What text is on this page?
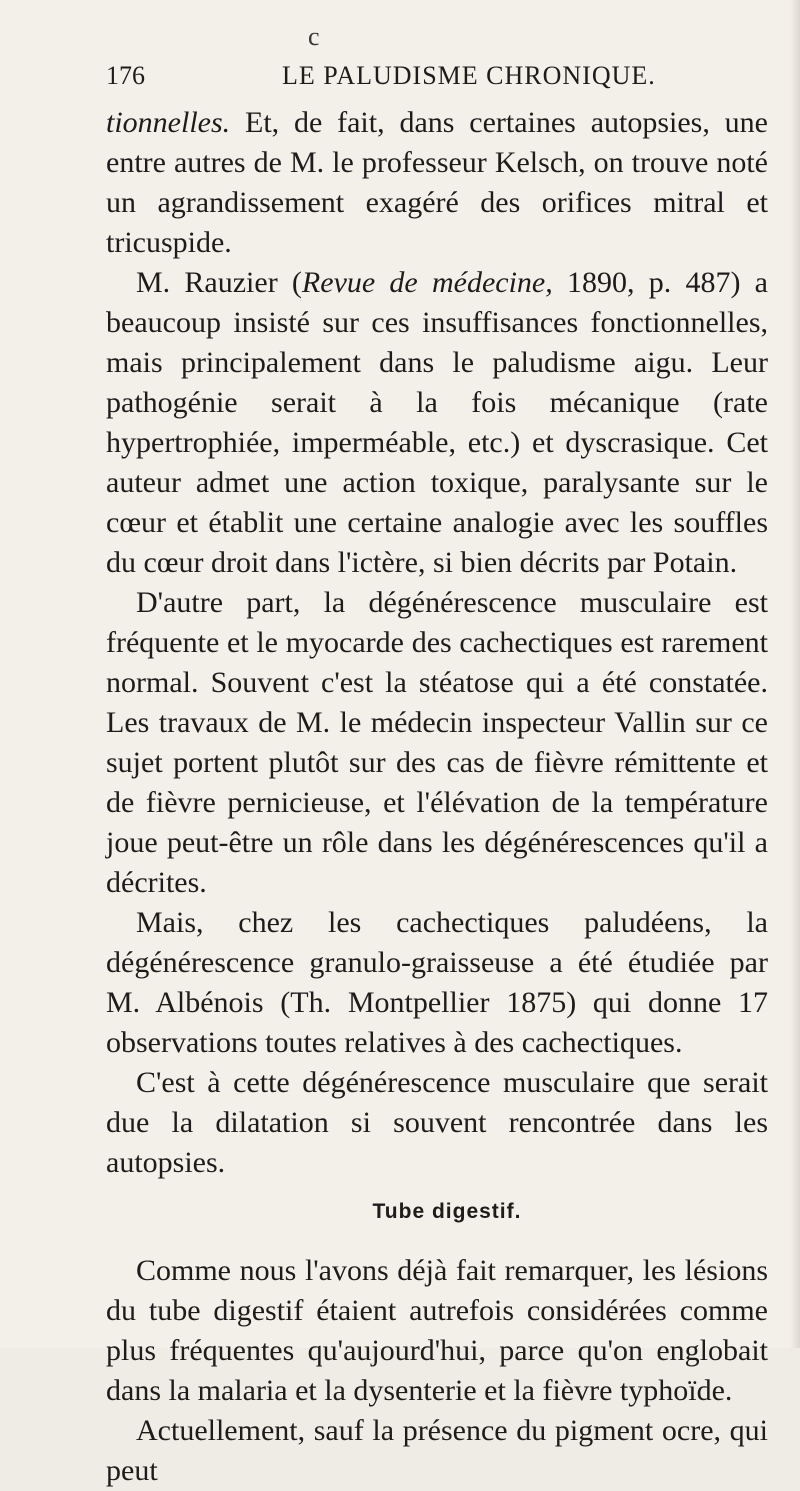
c
176	LE PALUDISME CHRONIQUE.

tionnelles. Et, de fait, dans certaines autopsies, une entre autres de M. le professeur Kelsch, on trouve noté un agrandissement exagéré des orifices mitral et tricuspide.

M. Rauzier (Revue de médecine, 1890, p. 487) a beaucoup insisté sur ces insuffisances fonctionnelles, mais principalement dans le paludisme aigu. Leur pathogénie serait à la fois mécanique (rate hypertrophiée, imperméable, etc.) et dyscrasique. Cet auteur admet une action toxique, paralysante sur le cœur et établit une certaine analogie avec les souffles du cœur droit dans l'ictère, si bien décrits par Potain.

D'autre part, la dégénérescence musculaire est fréquente et le myocarde des cachectiques est rarement normal. Souvent c'est la stéatose qui a été constatée. Les travaux de M. le médecin inspecteur Vallin sur ce sujet portent plutôt sur des cas de fièvre rémittente et de fièvre pernicieuse, et l'élévation de la température joue peut-être un rôle dans les dégénérescences qu'il a décrites.

Mais, chez les cachectiques paludéens, la dégénérescence granulo-graisseuse a été étudiée par M. Albénois (Th. Montpellier 1875) qui donne 17 observations toutes relatives à des cachectiques.

C'est à cette dégénérescence musculaire que serait due la dilatation si souvent rencontrée dans les autopsies.

Tube digestif.

Comme nous l'avons déjà fait remarquer, les lésions du tube digestif étaient autrefois considérées comme plus fréquentes qu'aujourd'hui, parce qu'on englobait dans la malaria et la dysenterie et la fièvre typhoïde.

Actuellement, sauf la présence du pigment ocre, qui peut
